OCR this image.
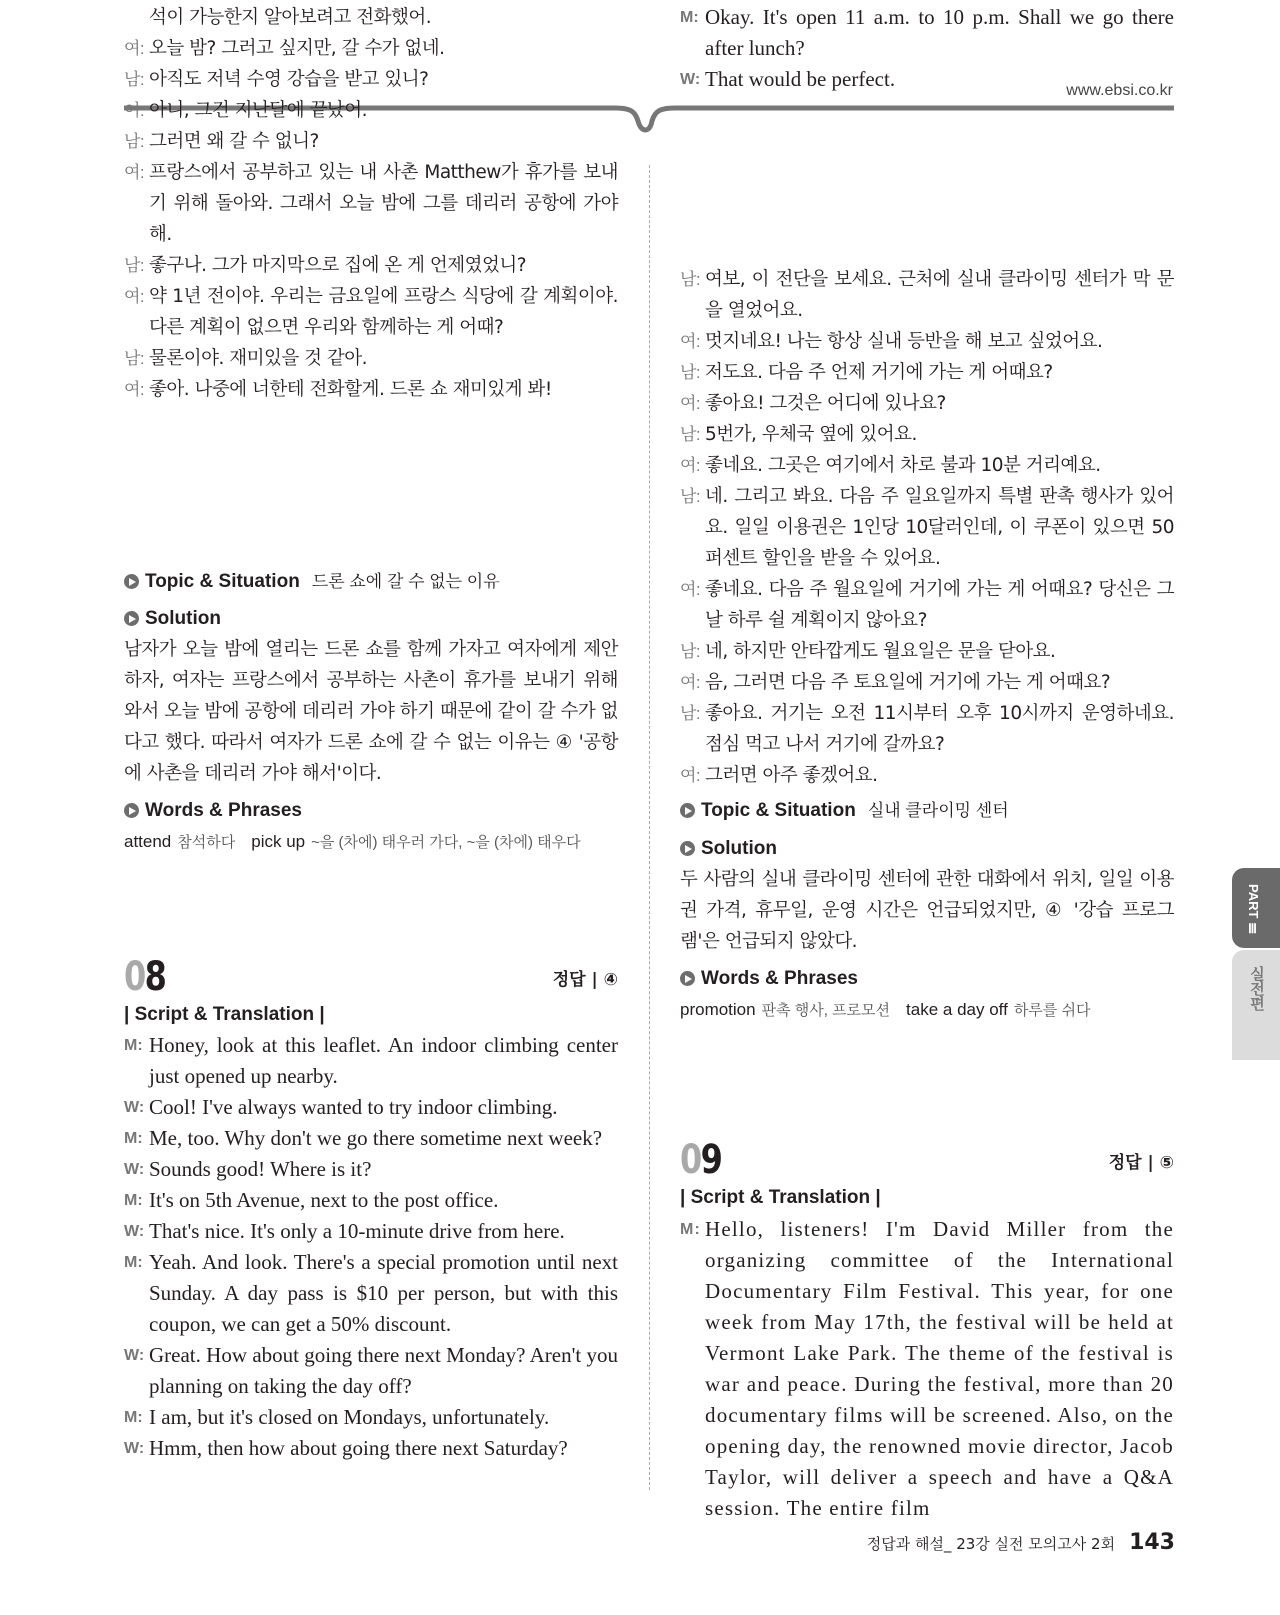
www.ebsi.co.kr
석이 가능한지 알아보려고 전화했어.
여: 오늘 밤? 그러고 싶지만, 갈 수가 없네.
남: 아직도 저녁 수영 강습을 받고 있니?
여: 아니, 그건 지난달에 끝났어.
남: 그러면 왜 갈 수 없니?
여: 프랑스에서 공부하고 있는 내 사촌 Matthew가 휴가를 보내기 위해 돌아와. 그래서 오늘 밤에 그를 데리러 공항에 가야 해.
남: 좋구나. 그가 마지막으로 집에 온 게 언제였었니?
여: 약 1년 전이야. 우리는 금요일에 프랑스 식당에 갈 계획이야. 다른 계획이 없으면 우리와 함께하는 게 어때?
남: 물론이야. 재미있을 것 같아.
여: 좋아. 나중에 너한테 전화할게. 드론 쇼 재미있게 봐!
Topic & Situation 드론 쇼에 갈 수 없는 이유
Solution
남자가 오늘 밤에 열리는 드론 쇼를 함께 가자고 여자에게 제안하자, 여자는 프랑스에서 공부하는 사촌이 휴가를 보내기 위해 와서 오늘 밤에 공항에 데리러 가야 하기 때문에 같이 갈 수가 없다고 했다. 따라서 여자가 드론 쇼에 갈 수 없는 이유는 ④ '공항에 사촌을 데리러 가야 해서'이다.
Words & Phrases
attend 참석하다 pick up ~을 (차에) 태우러 가다, ~을 (차에) 태우다
08	정답 | ④
| Script & Translation |
M: Honey, look at this leaflet. An indoor climbing center just opened up nearby.
W: Cool! I've always wanted to try indoor climbing.
M: Me, too. Why don't we go there sometime next week?
W: Sounds good! Where is it?
M: It's on 5th Avenue, next to the post office.
W: That's nice. It's only a 10-minute drive from here.
M: Yeah. And look. There's a special promotion until next Sunday. A day pass is $10 per person, but with this coupon, we can get a 50% discount.
W: Great. How about going there next Monday? Aren't you planning on taking the day off?
M: I am, but it's closed on Mondays, unfortunately.
W: Hmm, then how about going there next Saturday?
M: Okay. It's open 11 a.m. to 10 p.m. Shall we go there after lunch?
W: That would be perfect.
남: 여보, 이 전단을 보세요. 근처에 실내 클라이밍 센터가 막 문을 열었어요.
여: 멋지네요! 나는 항상 실내 등반을 해 보고 싶었어요.
남: 저도요. 다음 주 언제 거기에 가는 게 어때요?
여: 좋아요! 그것은 어디에 있나요?
남: 5번가, 우체국 옆에 있어요.
여: 좋네요. 그곳은 여기에서 차로 불과 10분 거리예요.
남: 네. 그리고 봐요. 다음 주 일요일까지 특별 판촉 행사가 있어요. 일일 이용권은 1인당 10달러인데, 이 쿠폰이 있으면 50퍼센트 할인을 받을 수 있어요.
여: 좋네요. 다음 주 월요일에 거기에 가는 게 어때요? 당신은 그날 하루 쉴 계획이지 않아요?
남: 네, 하지만 안타깝게도 월요일은 문을 닫아요.
여: 음, 그러면 다음 주 토요일에 거기에 가는 게 어때요?
남: 좋아요. 거기는 오전 11시부터 오후 10시까지 운영하네요. 점심 먹고 나서 거기에 갈까요?
여: 그러면 아주 좋겠어요.
Topic & Situation 실내 클라이밍 센터
Solution
두 사람의 실내 클라이밍 센터에 관한 대화에서 위치, 일일 이용권 가격, 휴무일, 운영 시간은 언급되었지만, ④ '강습 프로그램'은 언급되지 않았다.
Words & Phrases
promotion 판촉 행사, 프로모션 take a day off 하루를 쉬다
09	정답 | ⑤
| Script & Translation |
M: Hello, listeners! I'm David Miller from the organizing committee of the International Documentary Film Festival. This year, for one week from May 17th, the festival will be held at Vermont Lake Park. The theme of the festival is war and peace. During the festival, more than 20 documentary films will be screened. Also, on the opening day, the renowned movie director, Jacob Taylor, will deliver a speech and have a Q&A session. The entire film
PART Ⅲ
실전편
정답과 해설_ 23강 실전 모의고사 2회 143
